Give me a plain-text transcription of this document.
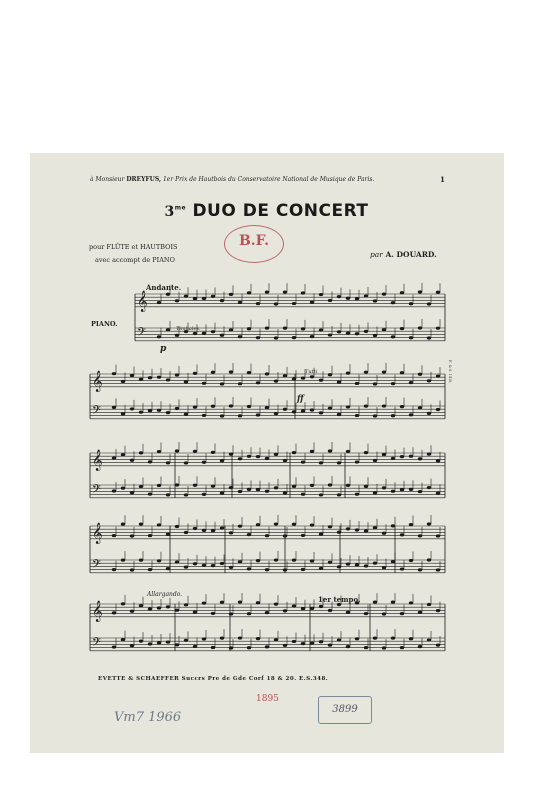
à Monsieur DREYFUS, 1er Prix de Hautbois du Conservatoire National de Musique de Paris.	1
$3^{me}$ DUO DE CONCERT
pour FLÛTE et HAUTBOIS
avec accompt de PIANO
par A. DOUARD.
B.F.
𝄞
𝄢
𝄞
𝄢
𝄞
𝄢
𝄞
𝄢
𝄞
𝄢
Andante.
PIANO.
Timbales.
p
Tutti
ff
Allargando.
1er tempo.
E. & S. 1418.
EVETTE & SCHAEFFER Succrs Pre de Gde Corf 18 & 20. E.S.348.
1895
3899
Vm7 1966
